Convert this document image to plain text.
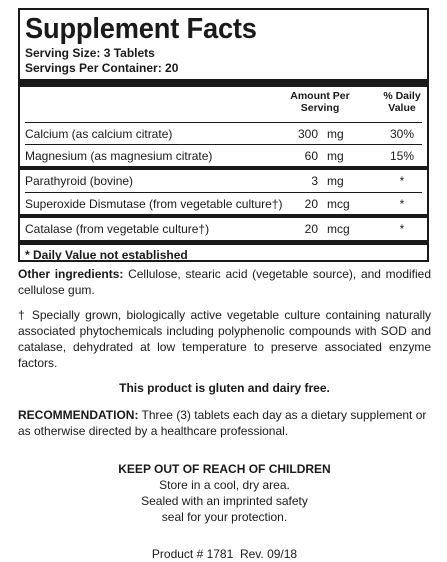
Supplement Facts
Serving Size: 3 Tablets
Servings Per Container: 20
Amount Per
Serving
% Daily
Value
Calcium (as calcium citrate)	300 mg	30%
Magnesium (as magnesium citrate)	60 mg	15%
Parathyroid (bovine)	3 mg	*
Superoxide Dismutase (from vegetable culture†) 20 mcg	*
Catalase (from vegetable culture†)	20 mcg	*
* Daily Value not established

Other ingredients: Cellulose, stearic acid (vegetable source), and modified cellulose gum.

† Specially grown, biologically active vegetable culture containing naturally associated phytochemicals including polyphenolic compounds with SOD and catalase, dehydrated at low temperature to preserve associated enzyme factors.

This product is gluten and dairy free.

RECOMMENDATION: Three (3) tablets each day as a dietary supplement or as otherwise directed by a healthcare professional.

KEEP OUT OF REACH OF CHILDREN
Store in a cool, dry area.
Sealed with an imprinted safety
seal for your protection.

Product # 1781  Rev. 09/18
